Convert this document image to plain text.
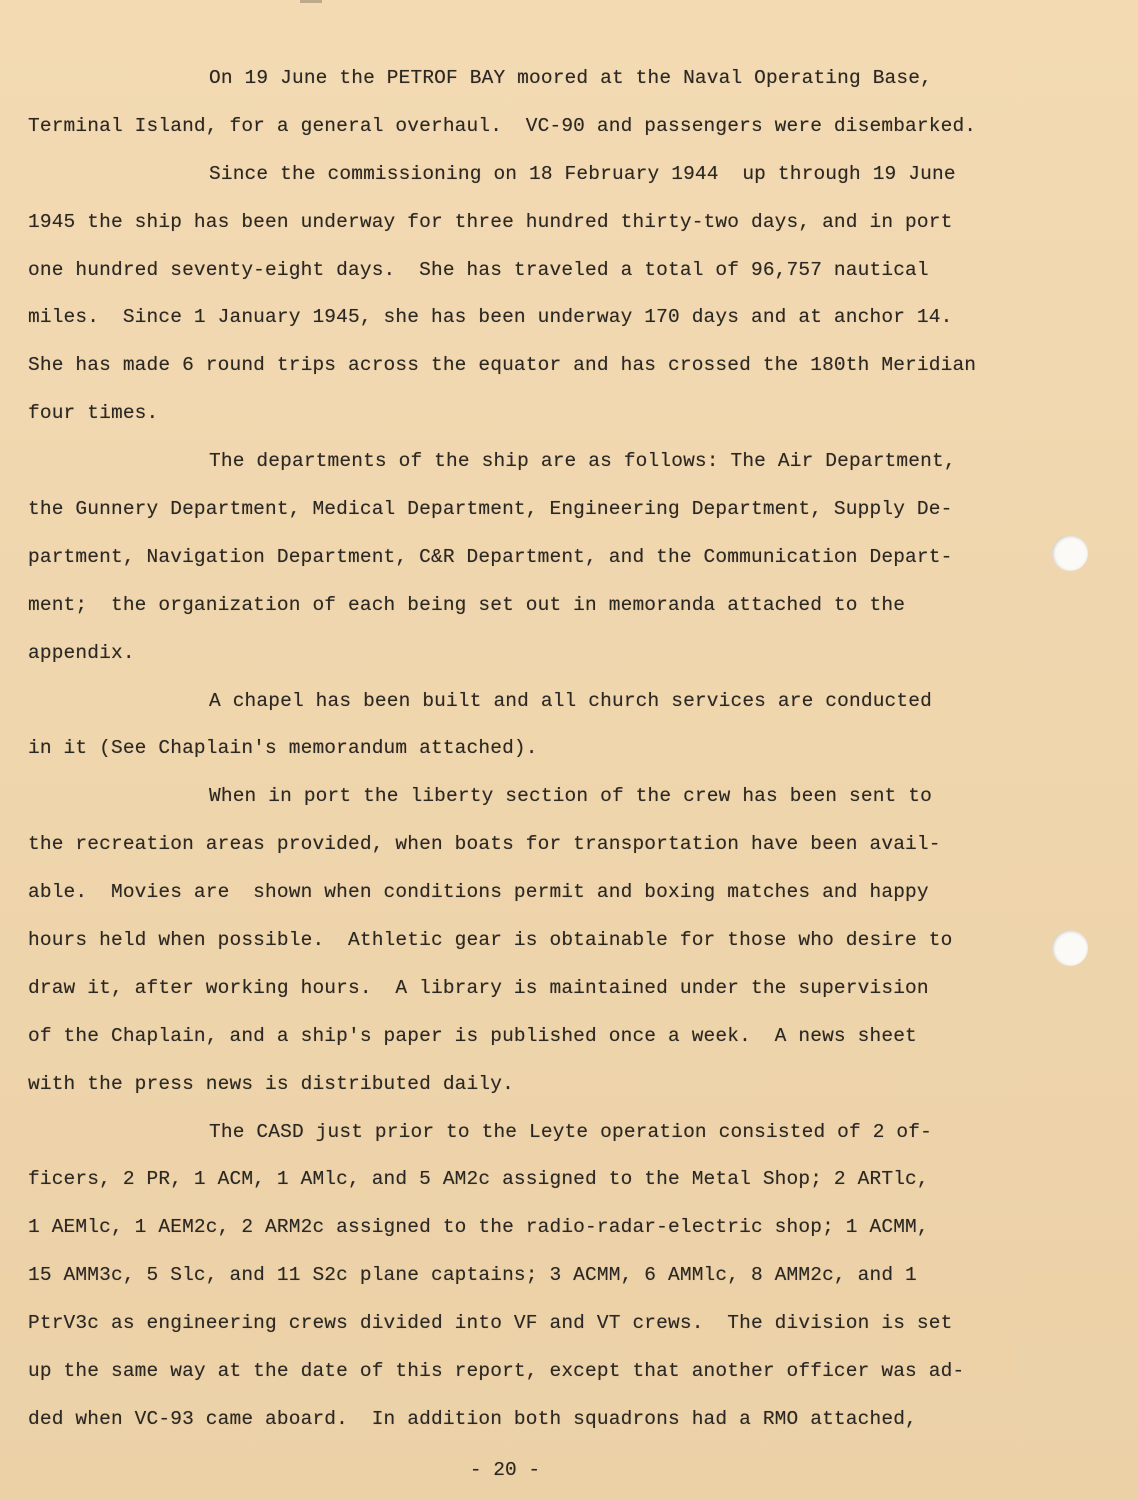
On 19 June the PETROF BAY moored at the Naval Operating Base,
Terminal Island, for a general overhaul.  VC-90 and passengers were disembarked.
Since the commissioning on 18 February 1944  up through 19 June
1945 the ship has been underway for three hundred thirty-two days, and in port
one hundred seventy-eight days.  She has traveled a total of 96,757 nautical
miles.  Since 1 January 1945, she has been underway 170 days and at anchor 14.
She has made 6 round trips across the equator and has crossed the 180th Meridian
four times.
The departments of the ship are as follows: The Air Department,
the Gunnery Department, Medical Department, Engineering Department, Supply De-
partment, Navigation Department, C&R Department, and the Communication Depart-
ment;  the organization of each being set out in memoranda attached to the
appendix.
A chapel has been built and all church services are conducted
in it (See Chaplain's memorandum attached).
When in port the liberty section of the crew has been sent to
the recreation areas provided, when boats for transportation have been avail-
able.  Movies are  shown when conditions permit and boxing matches and happy
hours held when possible.  Athletic gear is obtainable for those who desire to
draw it, after working hours.  A library is maintained under the supervision
of the Chaplain, and a ship's paper is published once a week.  A news sheet
with the press news is distributed daily.
The CASD just prior to the Leyte operation consisted of 2 of-
ficers, 2 PR, 1 ACM, 1 AMlc, and 5 AM2c assigned to the Metal Shop; 2 ARTlc,
1 AEMlc, 1 AEM2c, 2 ARM2c assigned to the radio-radar-electric shop; 1 ACMM,
15 AMM3c, 5 Slc, and 11 S2c plane captains; 3 ACMM, 6 AMMlc, 8 AMM2c, and 1
PtrV3c as engineering crews divided into VF and VT crews.  The division is set
up the same way at the date of this report, except that another officer was ad-
ded when VC-93 came aboard.  In addition both squadrons had a RMO attached,
- 20 -
